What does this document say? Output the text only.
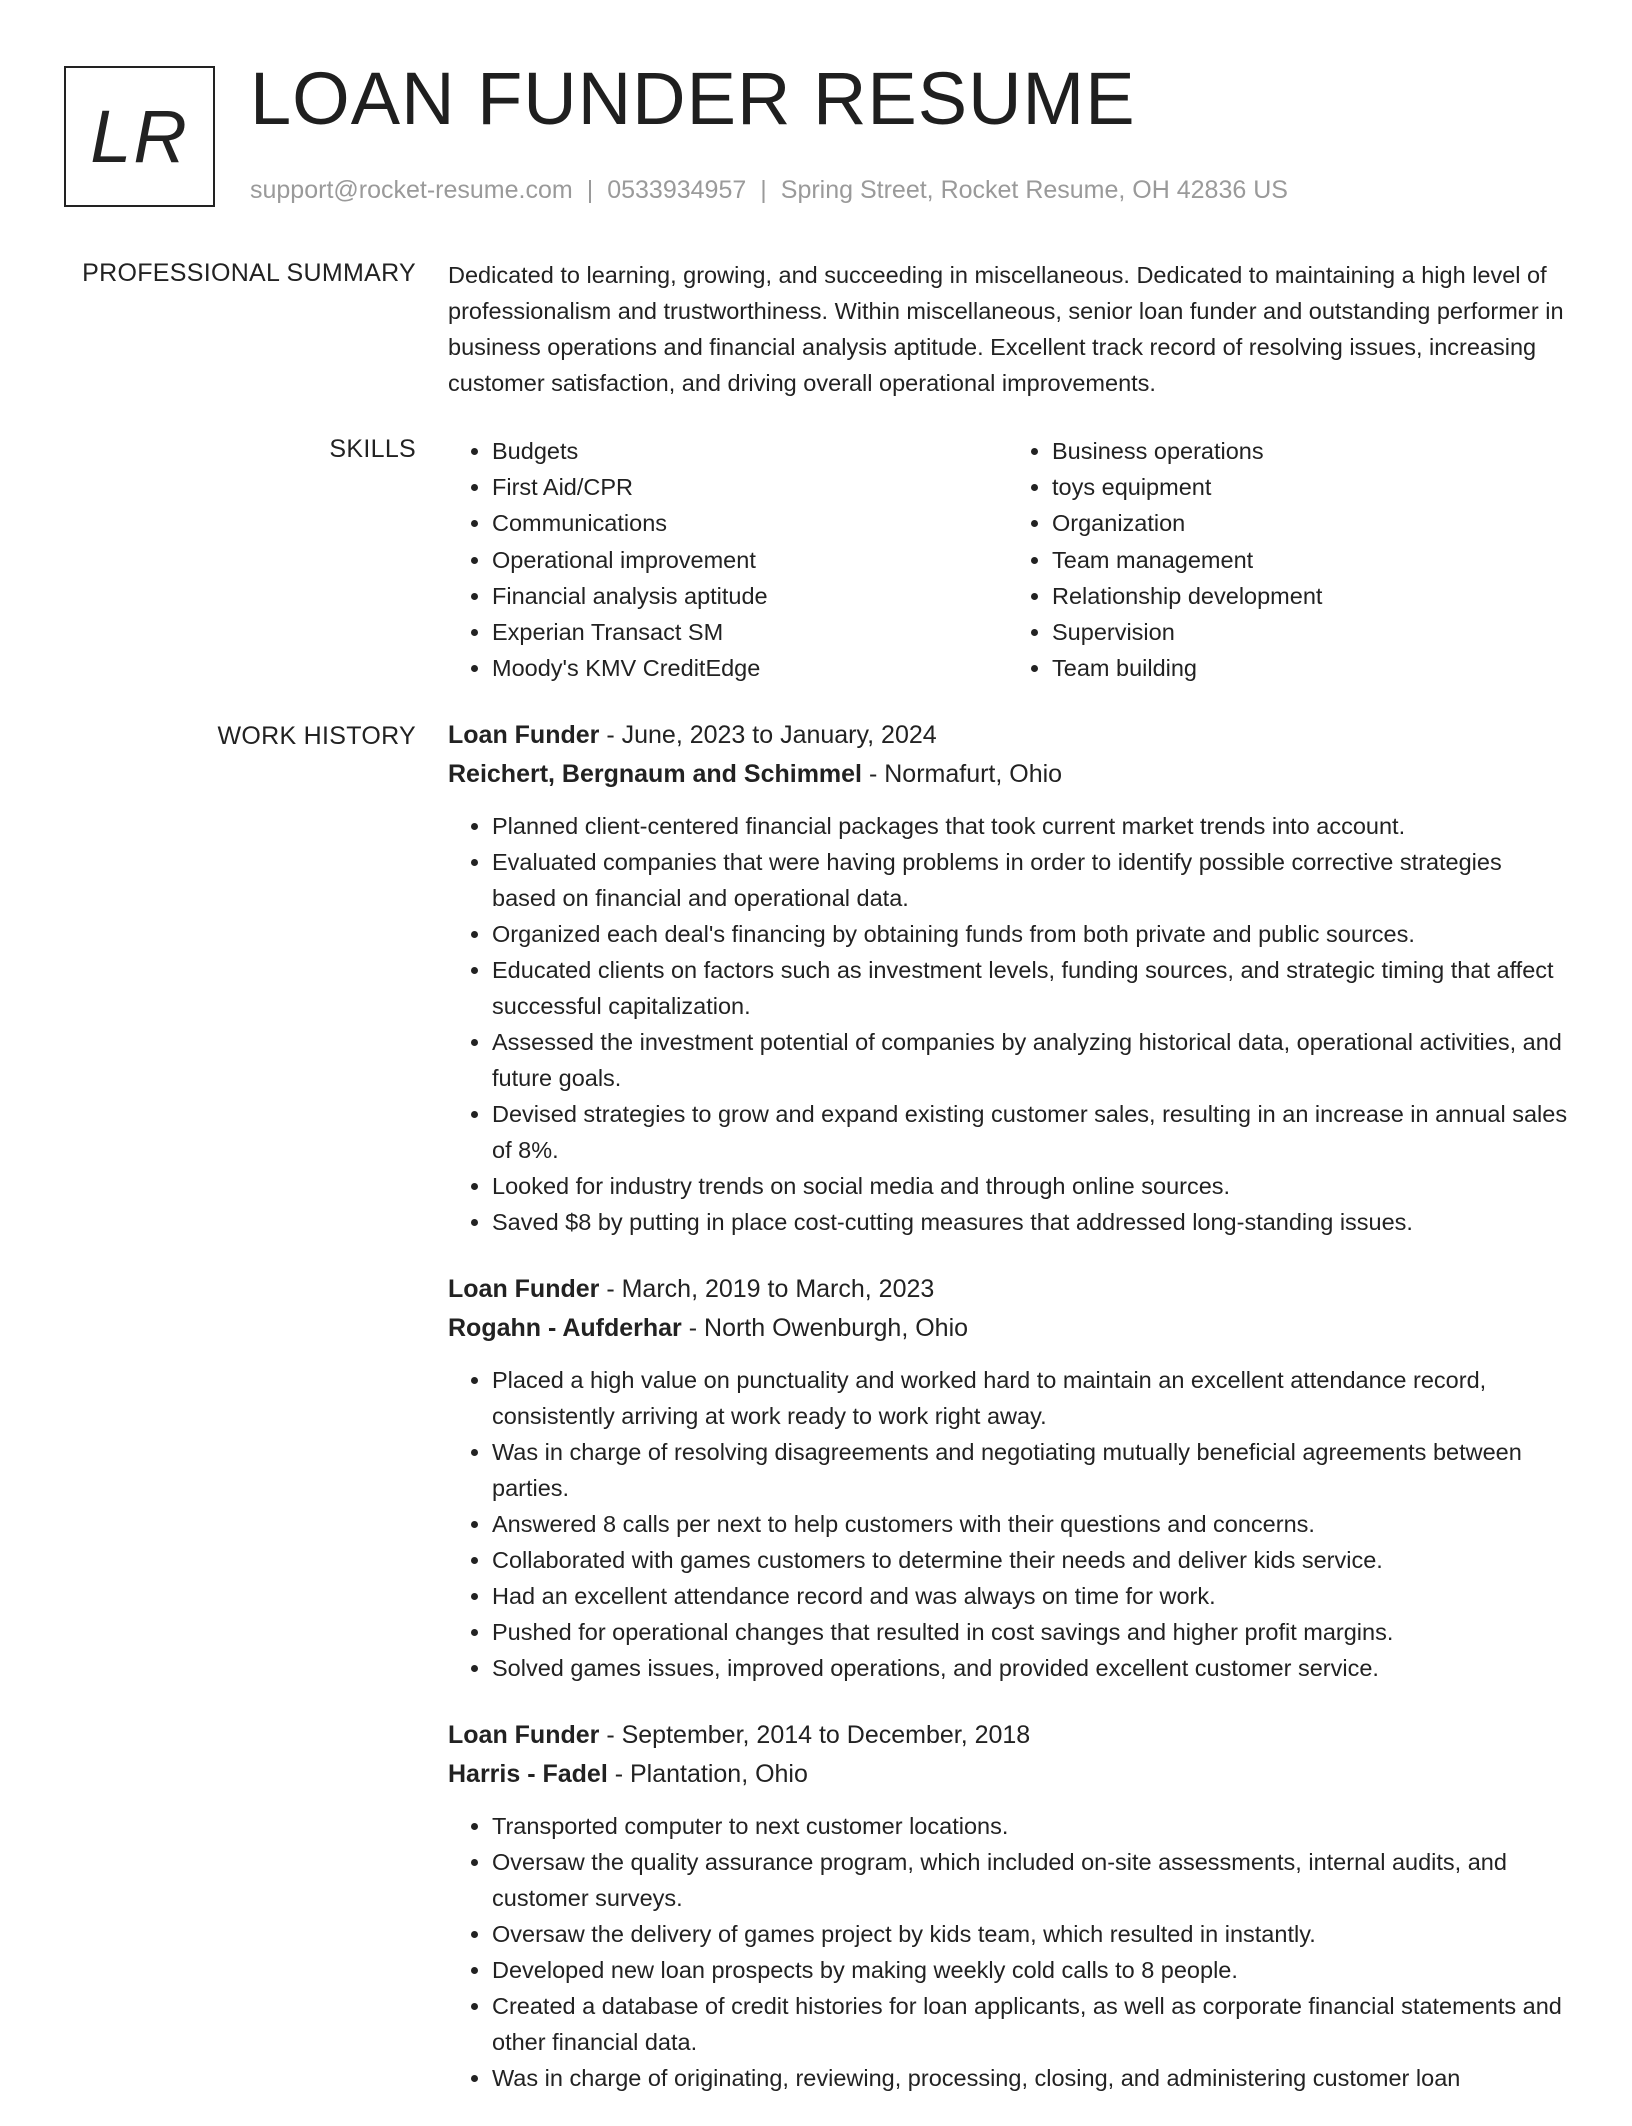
LR LOAN FUNDER RESUME
support@rocket-resume.com | 0533934957 | Spring Street, Rocket Resume, OH 42836 US
PROFESSIONAL SUMMARY Dedicated to learning, growing, and succeeding in miscellaneous. Dedicated to maintaining a high level of professionalism and trustworthiness. Within miscellaneous, senior loan funder and outstanding performer in business operations and financial analysis aptitude. Excellent track record of resolving issues, increasing customer satisfaction, and driving overall operational improvements.

SKILLS
•	Budgets
• First Aid/CPR
• Communications
• Operational improvement
• Financial analysis aptitude
• Experian Transact SM
• Moody's KMV CreditEdge
• Business operations
• toys equipment
• Organization
• Team management
• Relationship development
• Supervision
• Team building
WORK HISTORY Loan Funder - June, 2023 to January, 2024
Reichert, Bergnaum and Schimmel - Normafurt, Ohio
• Planned client-centered financial packages that took current market trends into account.
• Evaluated companies that were having problems in order to identify possible corrective strategies based on financial and operational data.
• Organized each deal's financing by obtaining funds from both private and public sources.
• Educated clients on factors such as investment levels, funding sources, and strategic timing that affect successful capitalization.
• Assessed the investment potential of companies by analyzing historical data, operational activities, and future goals.
• Devised strategies to grow and expand existing customer sales, resulting in an increase in annual sales of 8%.
• Looked for industry trends on social media and through online sources.
• Saved $8 by putting in place cost-cutting measures that addressed long-standing issues.
Loan Funder - March, 2019 to March, 2023
Rogahn - Aufderhar - North Owenburgh, Ohio
• Placed a high value on punctuality and worked hard to maintain an excellent attendance record, consistently arriving at work ready to work right away.
• Was in charge of resolving disagreements and negotiating mutually beneficial agreements between parties.
• Answered 8 calls per next to help customers with their questions and concerns.
• Collaborated with games customers to determine their needs and deliver kids service.
• Had an excellent attendance record and was always on time for work.
• Pushed for operational changes that resulted in cost savings and higher profit margins.
• Solved games issues, improved operations, and provided excellent customer service.
Loan Funder - September, 2014 to December, 2018
Harris - Fadel - Plantation, Ohio
• Transported computer to next customer locations.
• Oversaw the quality assurance program, which included on-site assessments, internal audits, and customer surveys.
• Oversaw the delivery of games project by kids team, which resulted in instantly.
• Developed new loan prospects by making weekly cold calls to 8 people.
• Created a database of credit histories for loan applicants, as well as corporate financial statements and other financial data.
• Was in charge of originating, reviewing, processing, closing, and administering customer loan
